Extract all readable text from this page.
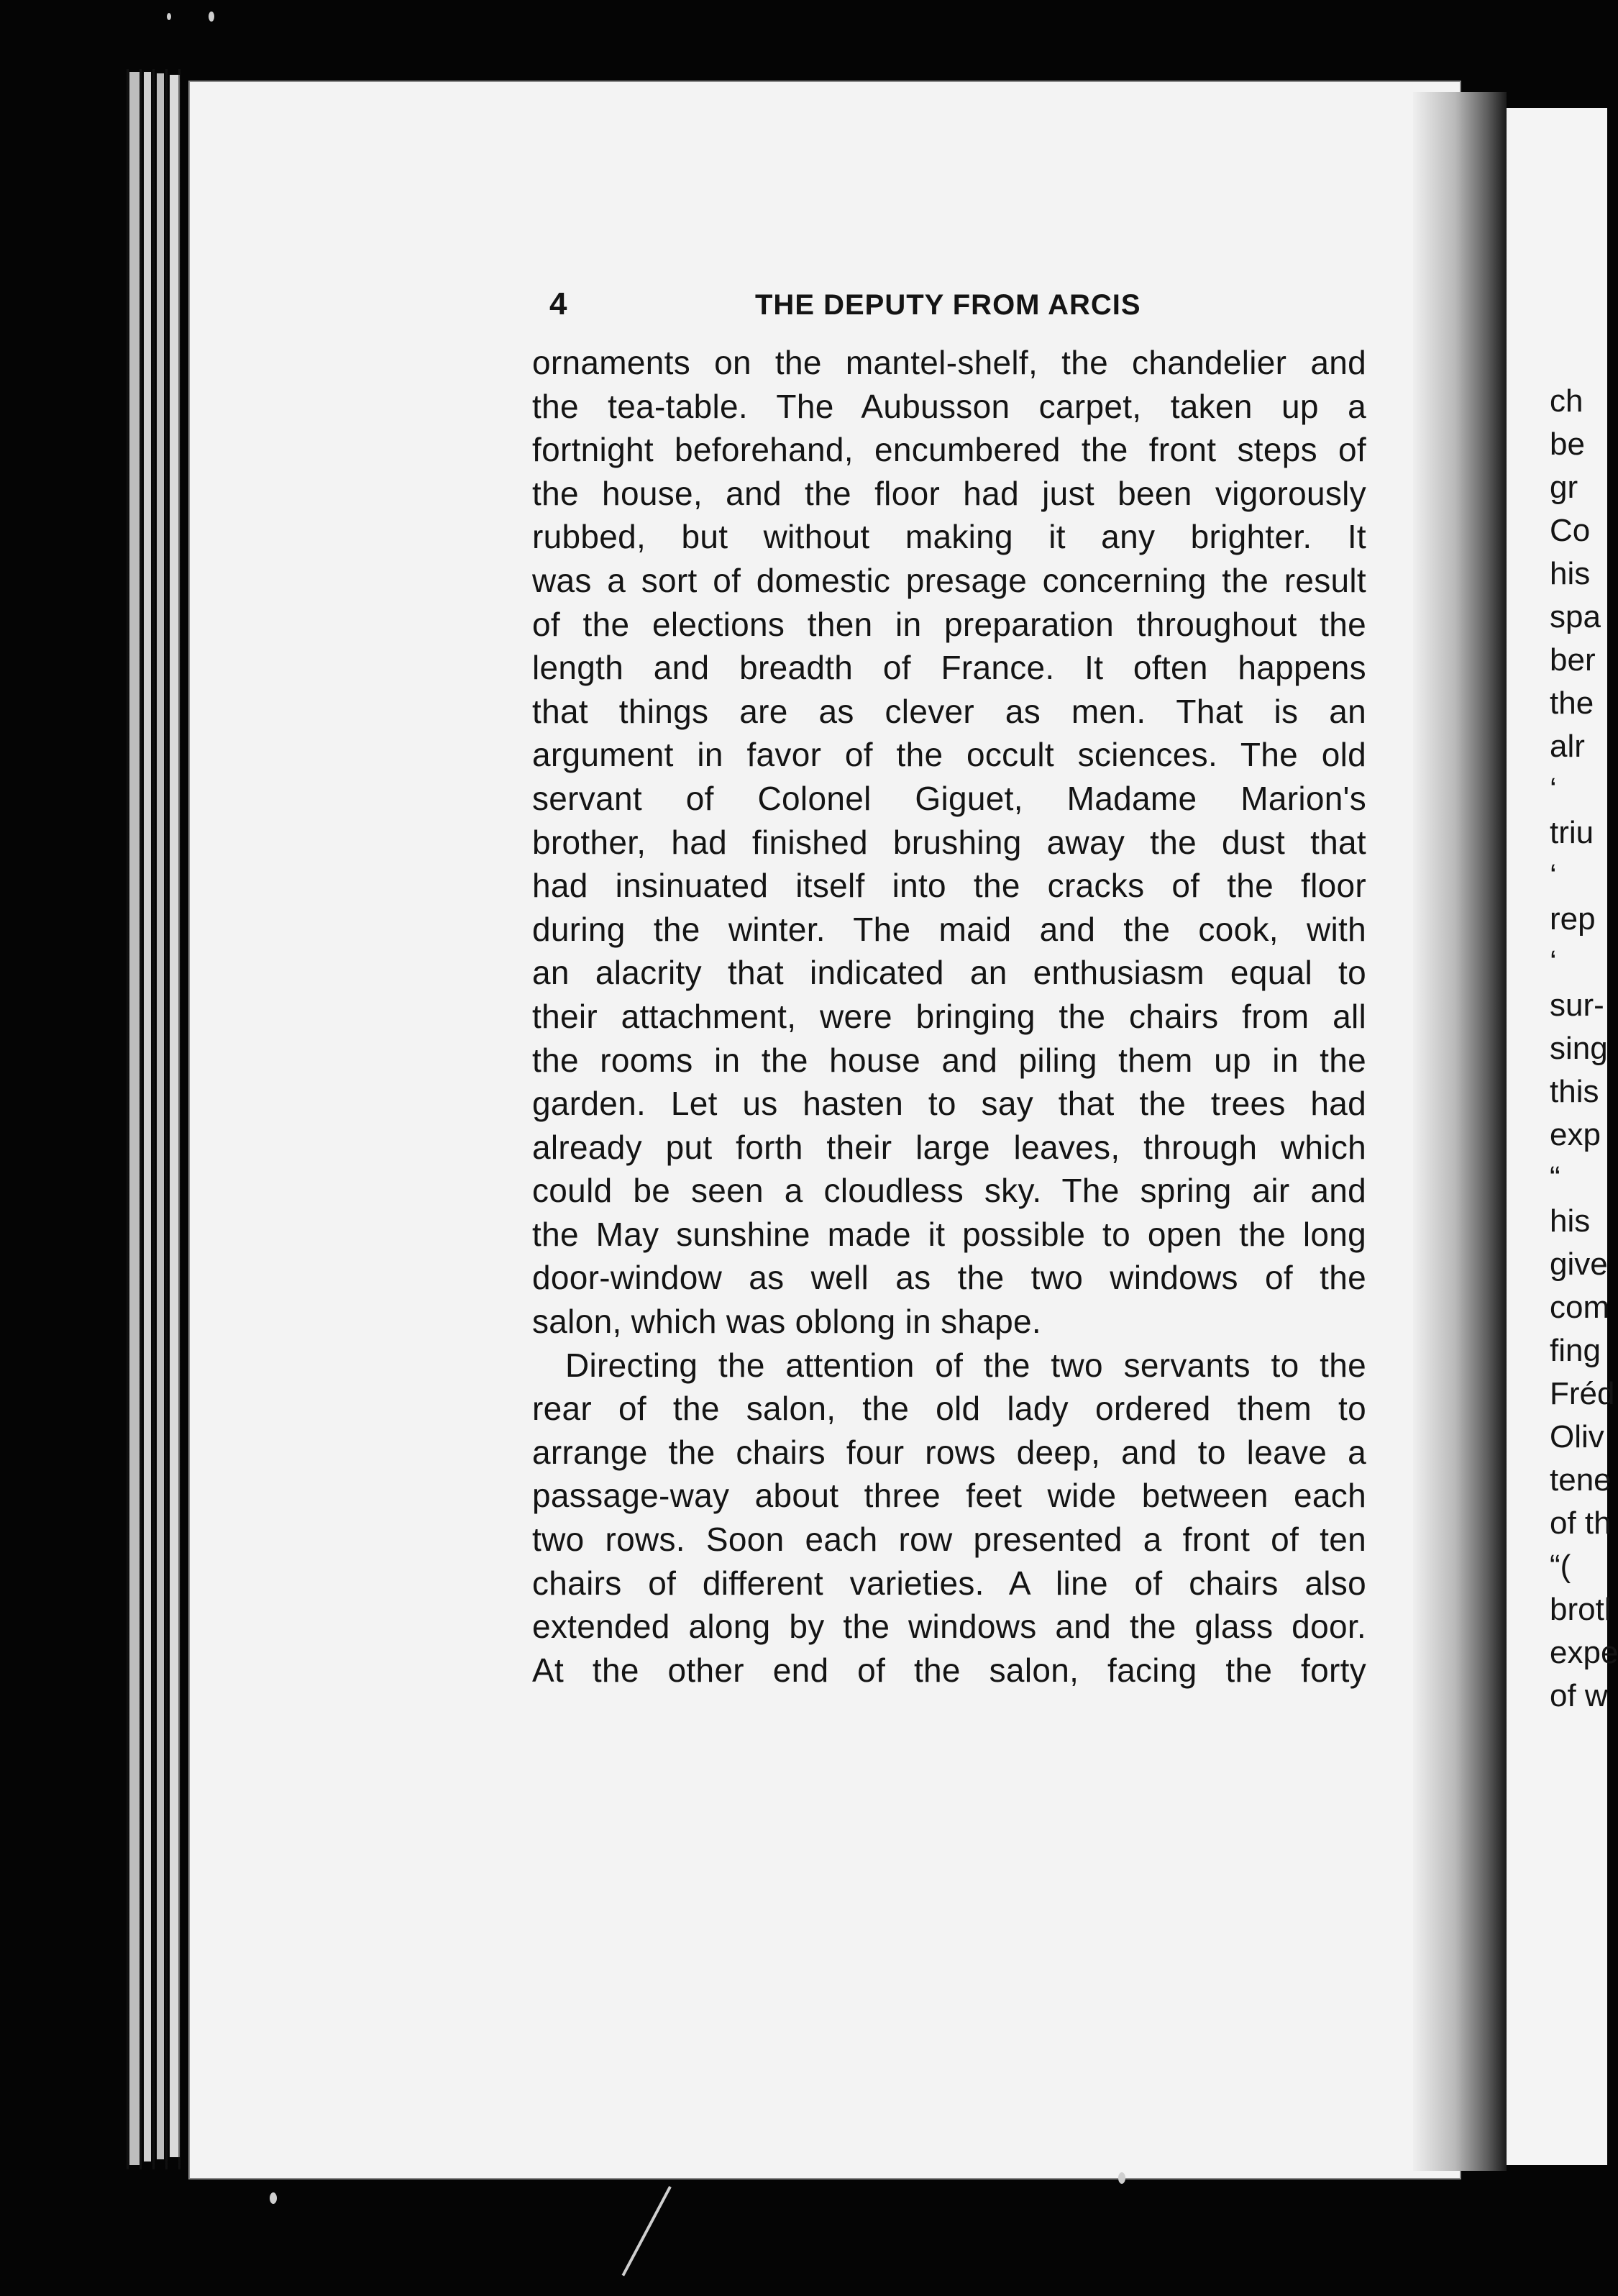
4	THE DEPUTY FROM ARCIS
ornaments on the mantel-shelf, the chandelier and
the tea-table. The Aubusson carpet, taken up a
fortnight beforehand, encumbered the front steps of
the house, and the floor had just been vigorously
rubbed, but without making it any brighter. It
was a sort of domestic presage concerning the result
of the elections then in preparation throughout the
length and breadth of France. It often happens
that things are as clever as men. That is an
argument in favor of the occult sciences. The old
servant of Colonel Giguet, Madame Marion's
brother, had finished brushing away the dust that
had insinuated itself into the cracks of the floor
during the winter. The maid and the cook, with
an alacrity that indicated an enthusiasm equal to
their attachment, were bringing the chairs from all
the rooms in the house and piling them up in the
garden. Let us hasten to say that the trees had
already put forth their large leaves, through which
could be seen a cloudless sky. The spring air and
the May sunshine made it possible to open the long
door-window as well as the two windows of the
salon, which was oblong in shape.
Directing the attention of the two servants to the
rear of the salon, the old lady ordered them to
arrange the chairs four rows deep, and to leave a
passage-way about three feet wide between each
two rows. Soon each row presented a front of ten
chairs of different varieties. A line of chairs also
extended along by the windows and the glass door.
At the other end of the salon, facing the forty
ch
be
gr
Co
his
spa
ber
the
alr
‘
triu
‘
rep
‘
sur-
sing
this
exp
“
his
give
com
fing
Fréd
Oliv
tene
of th
“(
brotl
expe
of w
